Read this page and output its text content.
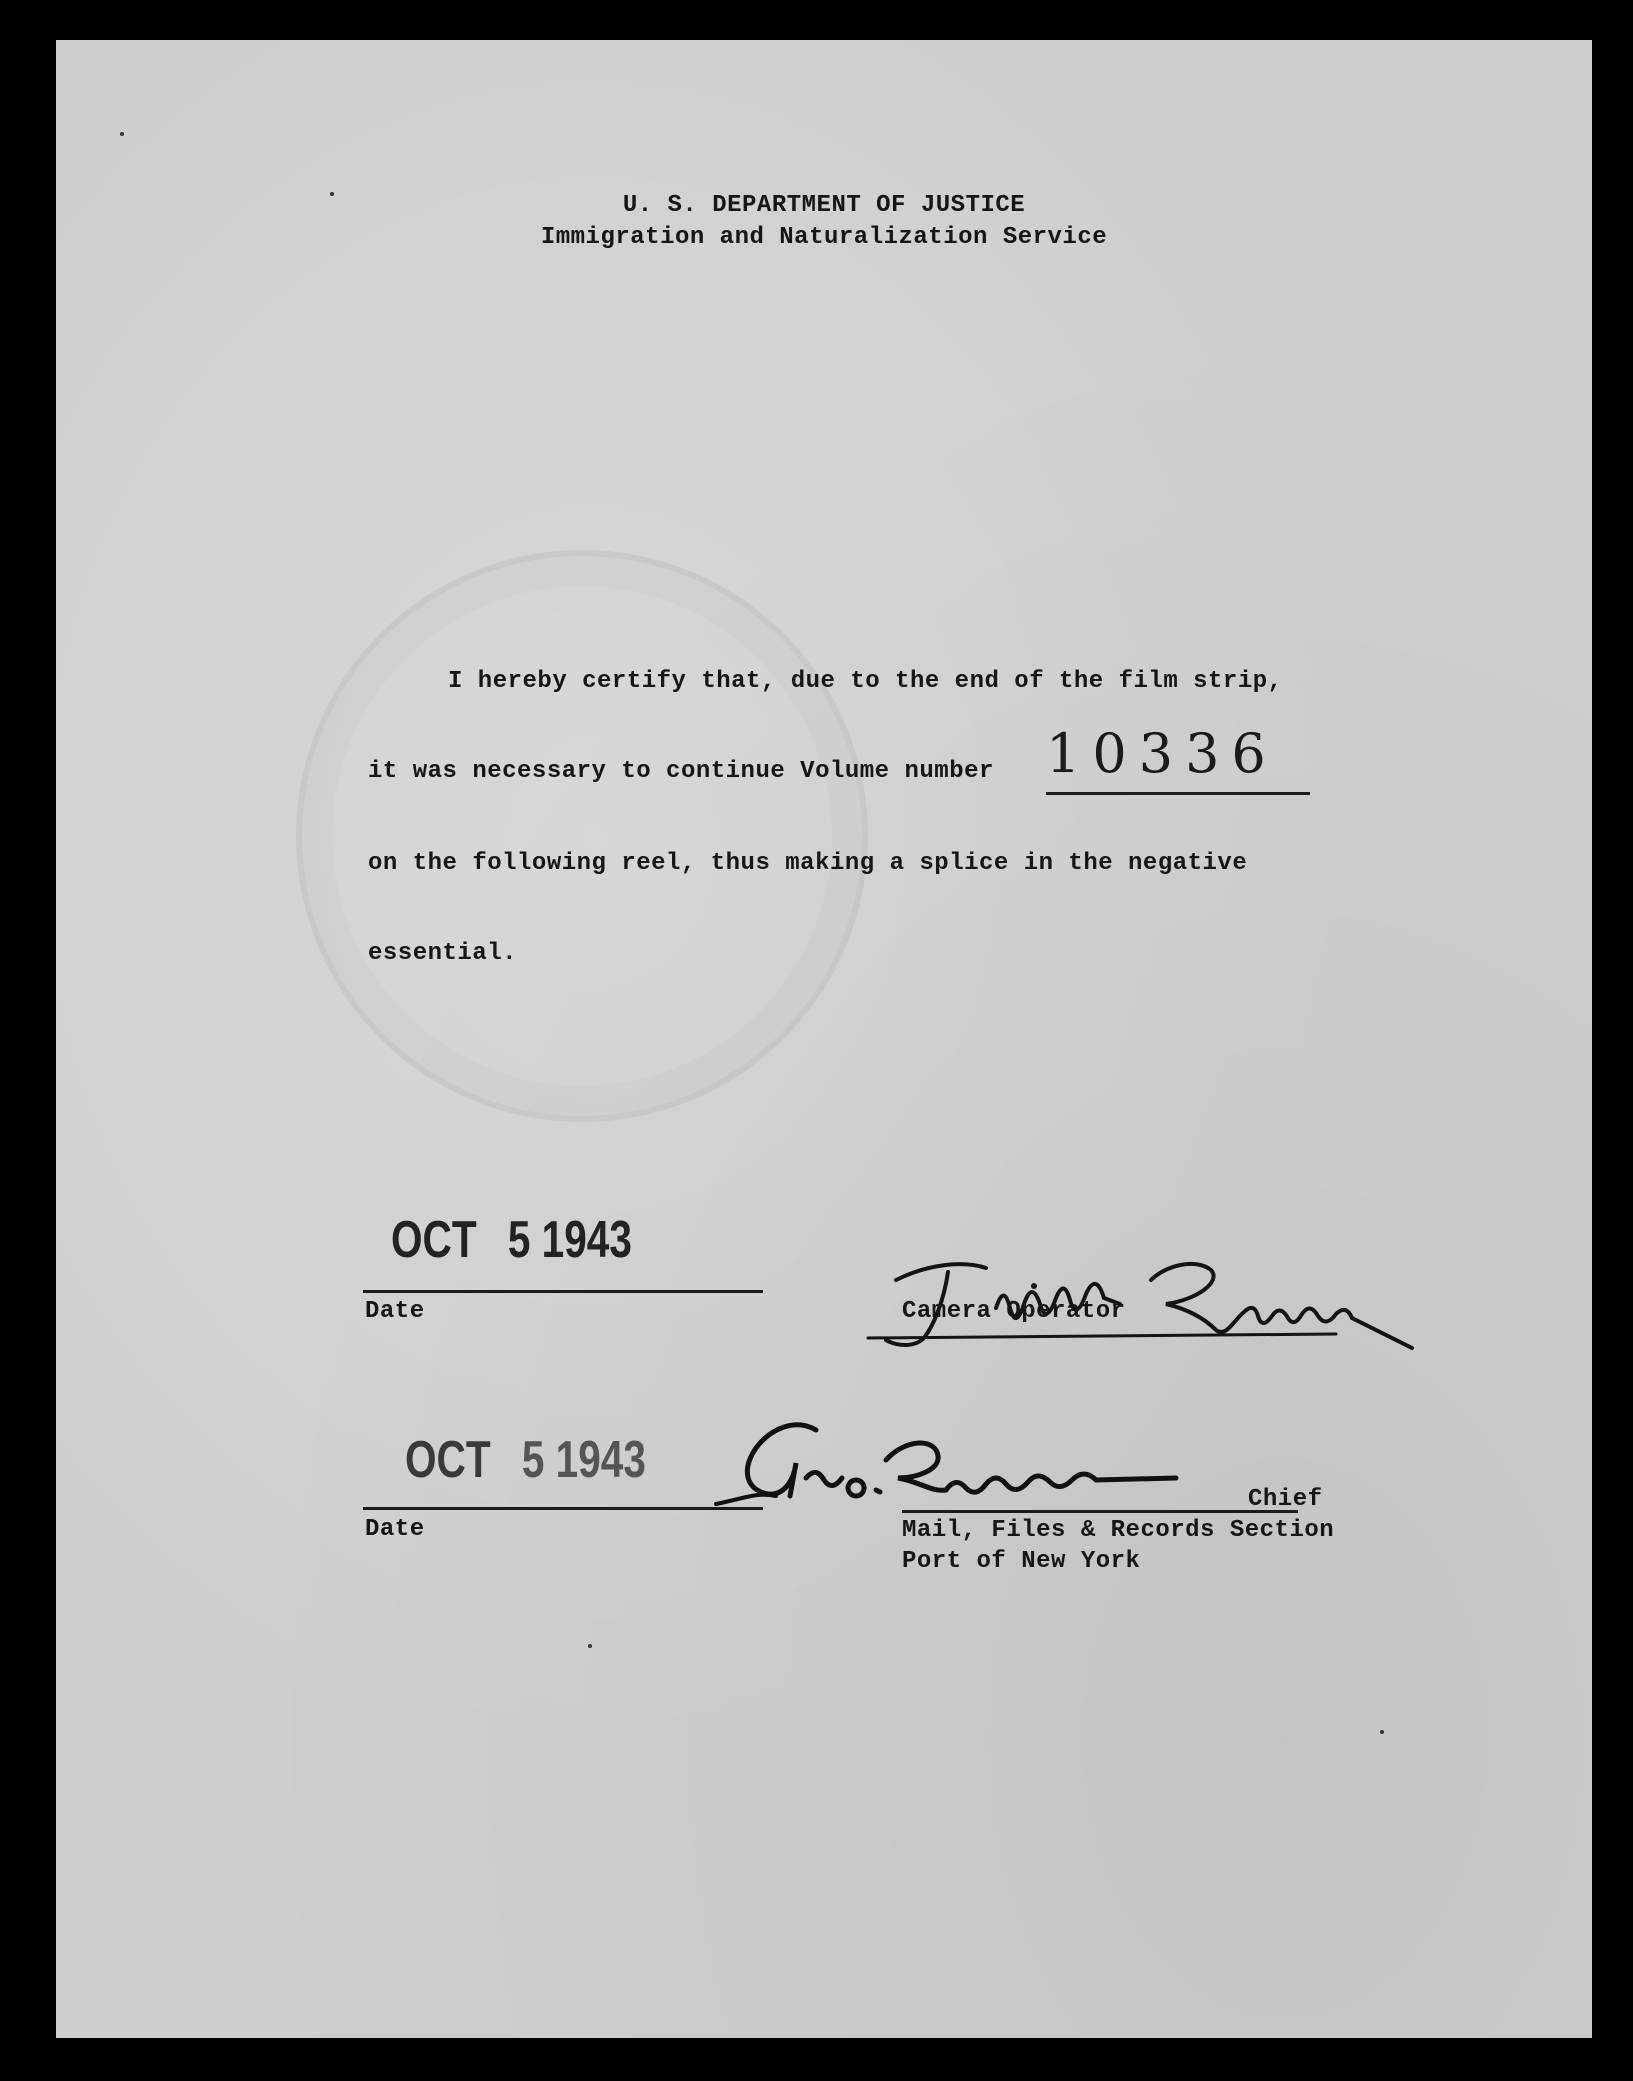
U. S. DEPARTMENT OF JUSTICE
Immigration and Naturalization Service
I hereby certify that, due to the end of the film strip,
it was necessary to continue Volume number 10336
on the following reel, thus making a splice in the negative
essential.
OCT 5 1943
Date	Camera Operator
OCT 5 1943
Date
Chief
Mail, Files & Records Section
Port of New York
